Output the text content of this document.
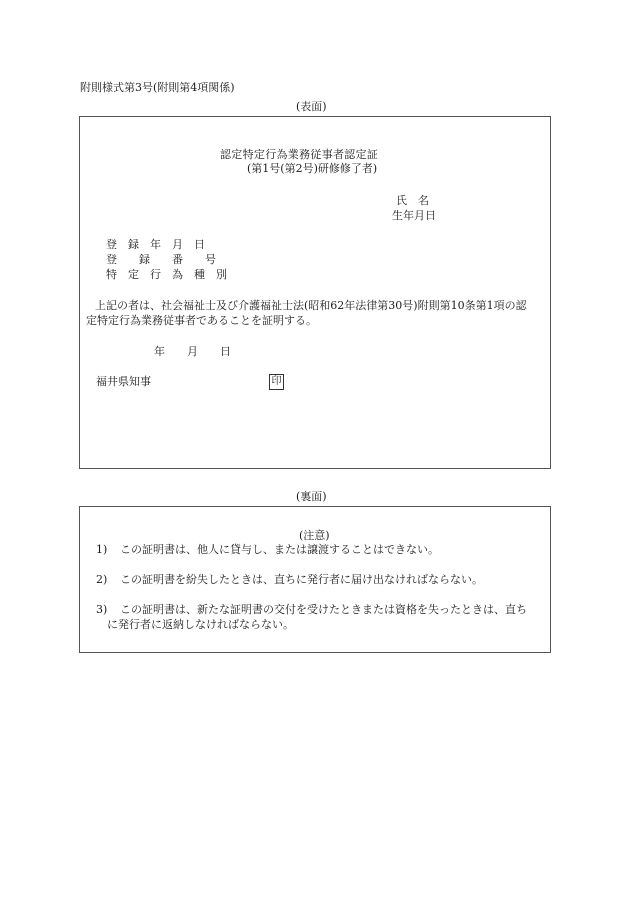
附則様式第3号(附則第4項関係)
(表面)
認定特定行為業務従事者認定証
(第1号(第2号)研修修了者)
氏　名
生年月日
登　録　年　月　日
登　　録　　番　　号
特　定　行　為　種　別
上記の者は、社会福祉士及び介護福祉士法(昭和62年法律第30号)附則第10条第1項の認
定特定行為業務従事者であることを証明する。
年　　月　　日
福井県知事	印
(裏面)
(注意)
1) この証明書は、他人に貸与し、または譲渡することはできない。
2) この証明書を紛失したときは、直ちに発行者に届け出なければならない。
3) この証明書は、新たな証明書の交付を受けたときまたは資格を失ったときは、直ち
に発行者に返納しなければならない。
